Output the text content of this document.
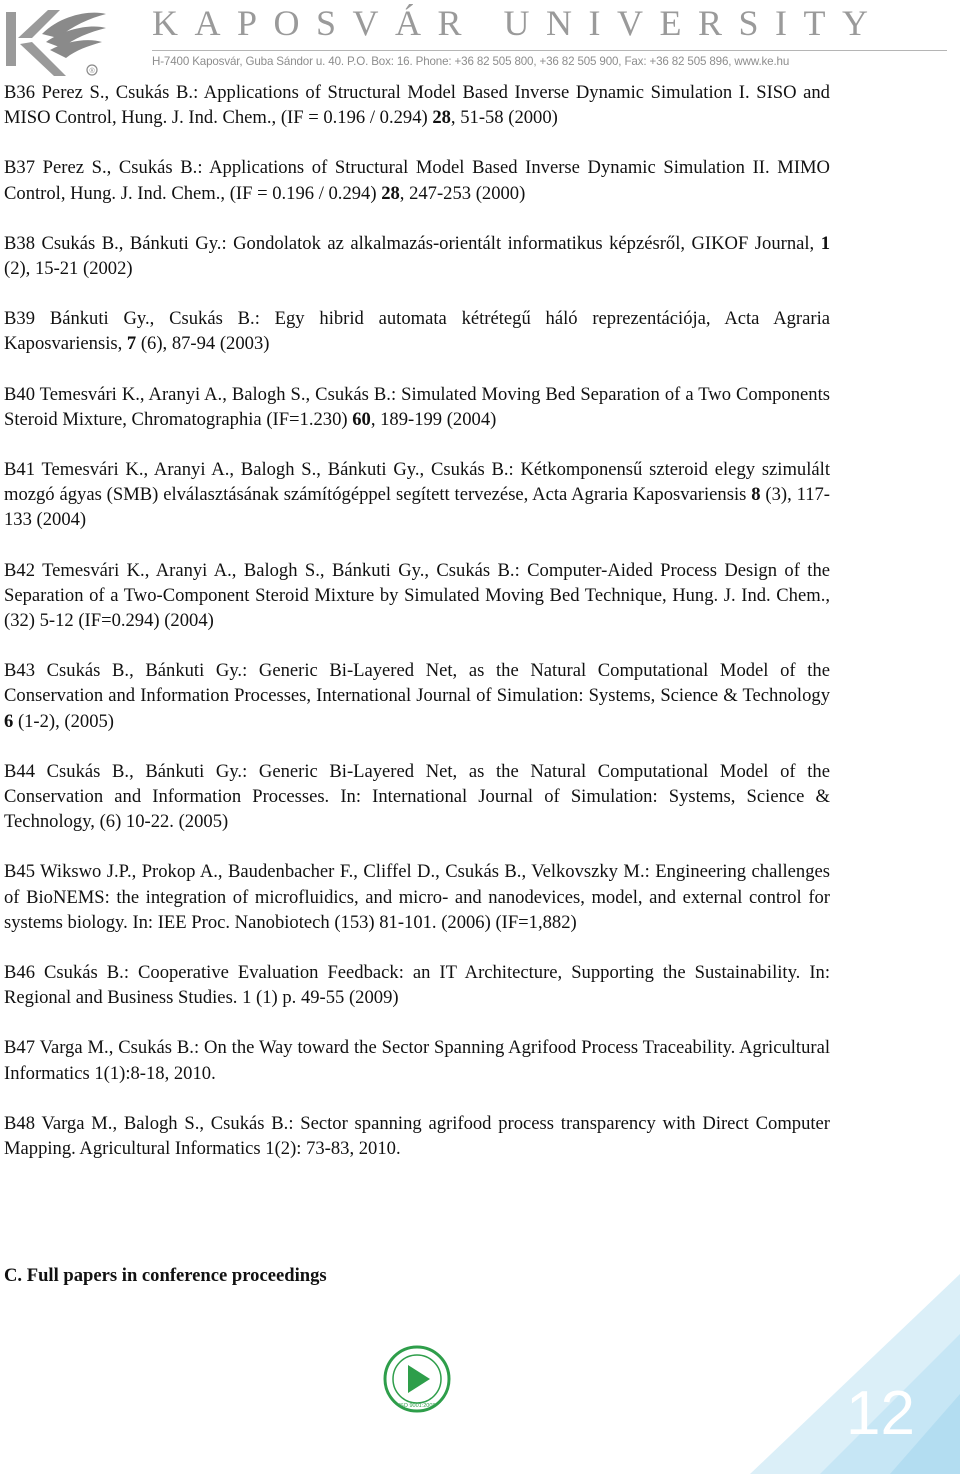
®
KAPOSVÁR UNIVERSITY
H-7400 Kaposvár, Guba Sándor u. 40. P.O. Box: 16. Phone: +36 82 505 800, +36 82 505 900, Fax: +36 82 505 896, www.ke.hu

B36 Perez S., Csukás B.: Applications of Structural Model Based Inverse Dynamic Simulation I. SISO and MISO Control, Hung. J. Ind. Chem., (IF = 0.196 / 0.294) 28, 51-58 (2000)

B37 Perez S., Csukás B.: Applications of Structural Model Based Inverse Dynamic Simulation II. MIMO Control, Hung. J. Ind. Chem., (IF = 0.196 / 0.294) 28, 247-253 (2000)

B38 Csukás B., Bánkuti Gy.: Gondolatok az alkalmazás-orientált informatikus képzésről, GIKOF Journal, 1 (2), 15-21 (2002)

B39 Bánkuti Gy., Csukás B.: Egy hibrid automata kétrétegű háló reprezentációja, Acta Agraria Kaposvariensis, 7 (6), 87-94 (2003)

B40 Temesvári K., Aranyi A., Balogh S., Csukás B.: Simulated Moving Bed Separation of a Two Components Steroid Mixture, Chromatographia (IF=1.230) 60, 189-199 (2004)

B41 Temesvári K., Aranyi A., Balogh S., Bánkuti Gy., Csukás B.: Kétkomponensű szteroid elegy szimulált mozgó ágyas (SMB) elválasztásának számítógéppel segített tervezése, Acta Agraria Kaposvariensis 8 (3), 117-133 (2004)

B42 Temesvári K., Aranyi A., Balogh S., Bánkuti Gy., Csukás B.: Computer-Aided Process Design of the Separation of a Two-Component Steroid Mixture by Simulated Moving Bed Technique, Hung. J. Ind. Chem., (32) 5-12 (IF=0.294) (2004)

B43 Csukás B., Bánkuti Gy.: Generic Bi-Layered Net, as the Natural Computational Model of the Conservation and Information Processes, International Journal of Simulation: Systems, Science & Technology 6 (1-2), (2005)

B44 Csukás B., Bánkuti Gy.: Generic Bi-Layered Net, as the Natural Computational Model of the Conservation and Information Processes. In: International Journal of Simulation: Systems, Science & Technology, (6) 10-22. (2005)

B45 Wikswo J.P., Prokop A., Baudenbacher F., Cliffel D., Csukás B., Velkovszky M.: Engineering challenges of BioNEMS: the integration of microfluidics, and micro- and nanodevices, model, and external control for systems biology. In: IEE Proc. Nanobiotech (153) 81-101. (2006) (IF=1,882)

B46 Csukás B.: Cooperative Evaluation Feedback: an IT Architecture, Supporting the Sustainability. In: Regional and Business Studies. 1 (1) p. 49-55 (2009)

B47 Varga M., Csukás B.: On the Way toward the Sector Spanning Agrifood Process Traceability. Agricultural Informatics 1(1):8-18, 2010.

B48 Varga M., Balogh S., Csukás B.: Sector spanning agrifood process transparency with Direct Computer Mapping. Agricultural Informatics 1(2): 73-83, 2010.

C. Full papers in conference proceedings

ISO 9001:2008	12
